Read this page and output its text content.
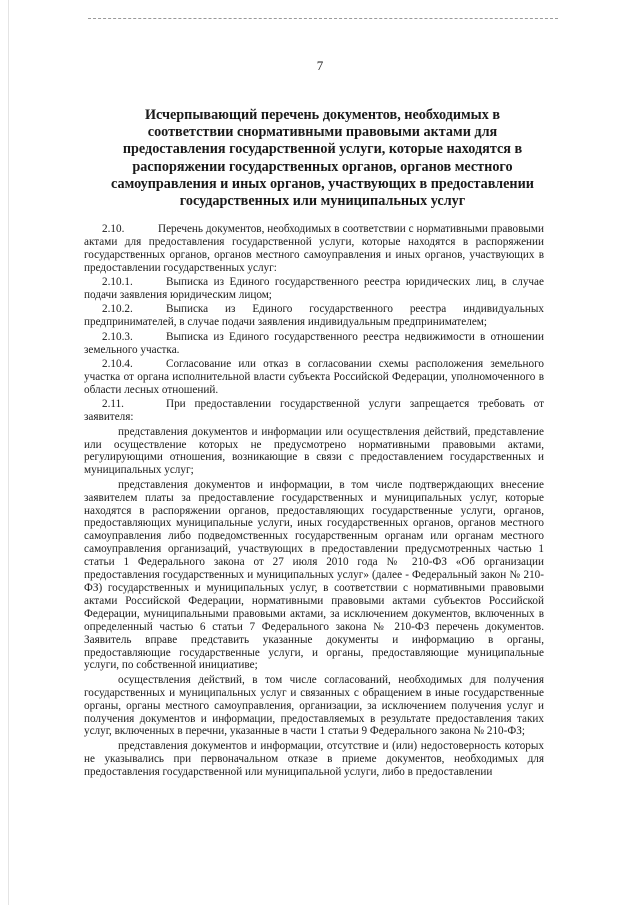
7
Исчерпывающий перечень документов, необходимых в соответствии снормативными правовыми актами для предоставления государственной услуги, которые находятся в распоряжении государственных органов, органов местного самоуправления и иных органов, участвующих в предоставлении государственных или муниципальных услуг

2.10.	Перечень документов, необходимых в соответствии с нормативными правовыми актами для предоставления государственной услуги, которые находятся в распоряжении государственных органов, органов местного самоуправления и иных органов, участвующих в предоставлении государственных услуг:

2.10.1.	Выписка из Единого государственного реестра юридических лиц, в случае подачи заявления юридическим лицом;

2.10.2.	Выписка из Единого государственного реестра индивидуальных предпринимателей, в случае подачи заявления индивидуальным предпринимателем;

2.10.3.	Выписка из Единого государственного реестра недвижимости в отношении земельного участка.

2.10.4.	Согласование или отказ в согласовании схемы расположения земельного участка от органа исполнительной власти субъекта Российской Федерации, уполномоченного в области лесных отношений.

2.11.	При предоставлении государственной услуги запрещается требовать от заявителя:

представления документов и информации или осуществления действий, представление или осуществление которых не предусмотрено нормативными правовыми актами, регулирующими отношения, возникающие в связи с предоставлением государственных и муниципальных услуг;

представления документов и информации, в том числе подтверждающих внесение заявителем платы за предоставление государственных и муниципальных услуг, которые находятся в распоряжении органов, предоставляющих государственные услуги, органов, предоставляющих муниципальные услуги, иных государственных органов, органов местного самоуправления либо подведомственных государственным органам или органам местного самоуправления организаций, участвующих в предоставлении предусмотренных частью 1 статьи 1 Федерального закона от 27 июля 2010 года № 210-ФЗ «Об организации предоставления государственных и муниципальных услуг» (далее - Федеральный закон № 210-ФЗ) государственных и муниципальных услуг, в соответствии с нормативными правовыми актами Российской Федерации, нормативными правовыми актами субъектов Российской Федерации, муниципальными правовыми актами, за исключением документов, включенных в определенный частью 6 статьи 7 Федерального закона № 210-ФЗ перечень документов. Заявитель вправе представить указанные документы и информацию в органы, предоставляющие государственные услуги, и органы, предоставляющие муниципальные услуги, по собственной инициативе;

осуществления действий, в том числе согласований, необходимых для получения государственных и муниципальных услуг и связанных с обращением в иные государственные органы, органы местного самоуправления, организации, за исключением получения услуг и получения документов и информации, предоставляемых в результате предоставления таких услуг, включенных в перечни, указанные в части 1 статьи 9 Федерального закона № 210-ФЗ;

представления документов и информации, отсутствие и (или) недостоверность которых не указывались при первоначальном отказе в приеме документов, необходимых для предоставления государственной или муниципальной услуги, либо в предоставлении
